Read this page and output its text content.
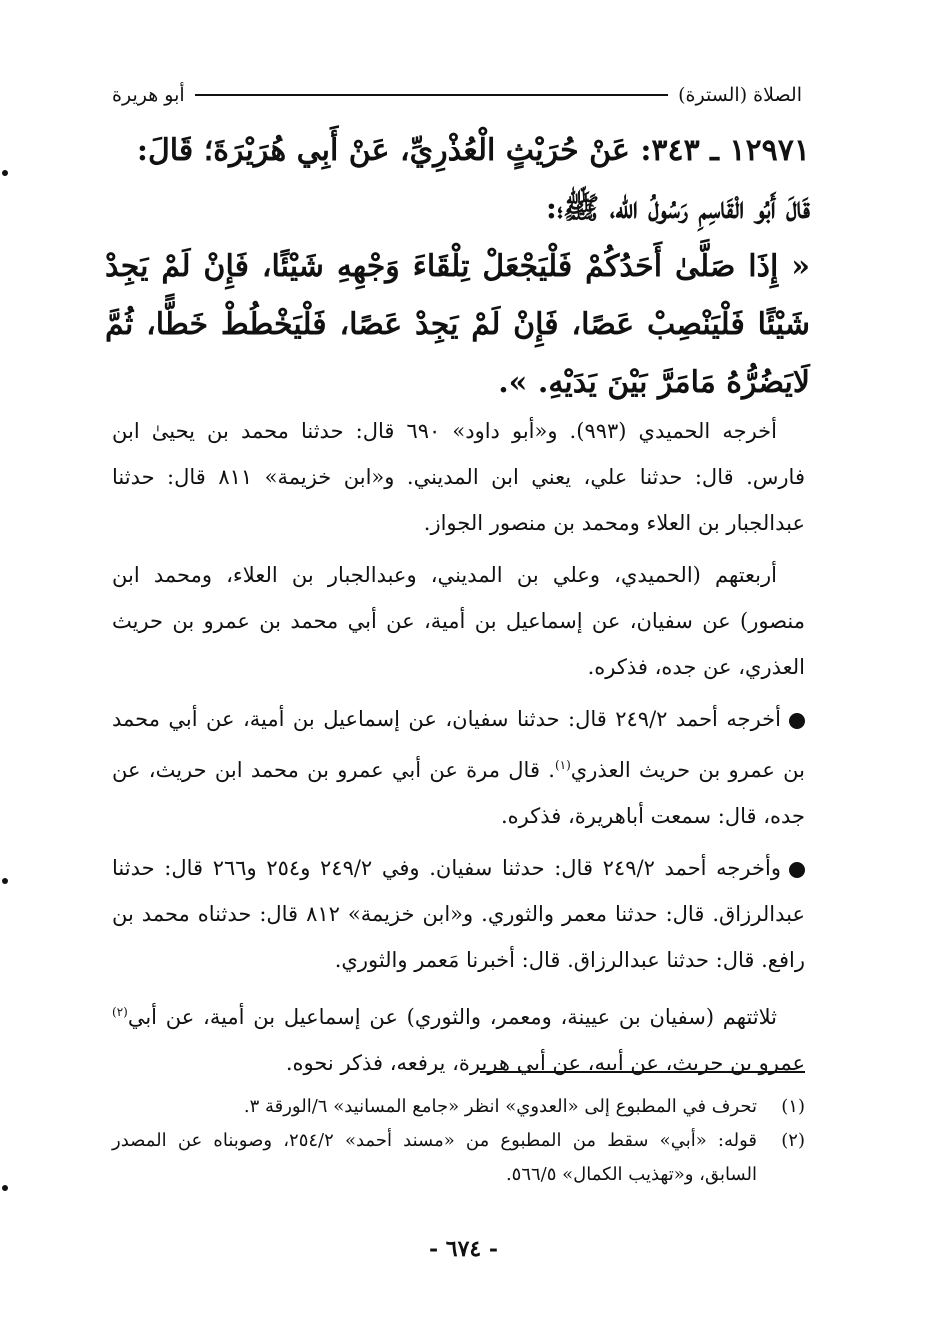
الصلاة (السترة)
أبو هريرة

١٢٩٧١ ـ ٣٤٣: عَنْ حُرَيْثٍ الْعُذْرِيِّ، عَنْ أَبِي هُرَيْرَةَ؛ قَالَ:

قَالَ أَبُو الْقَاسِمِ رَسُولُ الله، ﷺ؛:

« إِذَا صَلَّىٰ أَحَدُكُمْ فَلْيَجْعَلْ تِلْقَاءَ وَجْهِهِ شَيْئًا، فَإِنْ لَمْ يَجِدْ شَيْئًا فَلْيَنْصِبْ عَصًا، فَإِنْ لَمْ يَجِدْ عَصًا، فَلْيَخْطُطْ خَطًّا، ثُمَّ لَايَضُرُّهُ مَامَرَّ بَيْنَ يَدَيْهِ. ».

أخرجه الحميدي (٩٩٣). و«أبو داود» ٦٩٠ قال: حدثنا محمد بن يحيىٰ ابن فارس. قال: حدثنا علي، يعني ابن المديني. و«ابن خزيمة» ٨١١ قال: حدثنا عبدالجبار بن العلاء ومحمد بن منصور الجواز.

أربعتهم (الحميدي، وعلي بن المديني، وعبدالجبار بن العلاء، ومحمد ابن منصور) عن سفيان، عن إسماعيل بن أمية، عن أبي محمد بن عمرو بن حريث العذري، عن جده، فذكره.

أخرجه أحمد ٢٤٩/٢ قال: حدثنا سفيان، عن إسماعيل بن أمية، عن أبي محمد بن عمرو بن حريث العذري$^{(١)}$. قال مرة عن أبي عمرو بن محمد ابن حريث، عن جده، قال: سمعت أباهريرة، فذكره.

وأخرجه أحمد ٢٤٩/٢ قال: حدثنا سفيان. وفي ٢٤٩/٢ و٢٥٤ و٢٦٦ قال: حدثنا عبدالرزاق. قال: حدثنا معمر والثوري. و«ابن خزيمة» ٨١٢ قال: حدثناه محمد بن رافع. قال: حدثنا عبدالرزاق. قال: أخبرنا مَعمر والثوري.

ثلاثتهم (سفيان بن عيينة، ومعمر، والثوري) عن إسماعيل بن أمية، عن أبي$^{(٢)}$ عمرو بن حريث، عن أبيه، عن أبي هريرة، يرفعه، فذكر نحوه.

(١)
تحرف في المطبوع إلى «العدوي» انظر «جامع المسانيد» ٦/الورقة ٣.
(٢)
قوله: «أبي» سقط من المطبوع من «مسند أحمد» ٢٥٤/٢، وصوبناه عن المصدر السابق، و«تهذيب الكمال» ٥٦٦/٥.
- ٦٧٤ -
